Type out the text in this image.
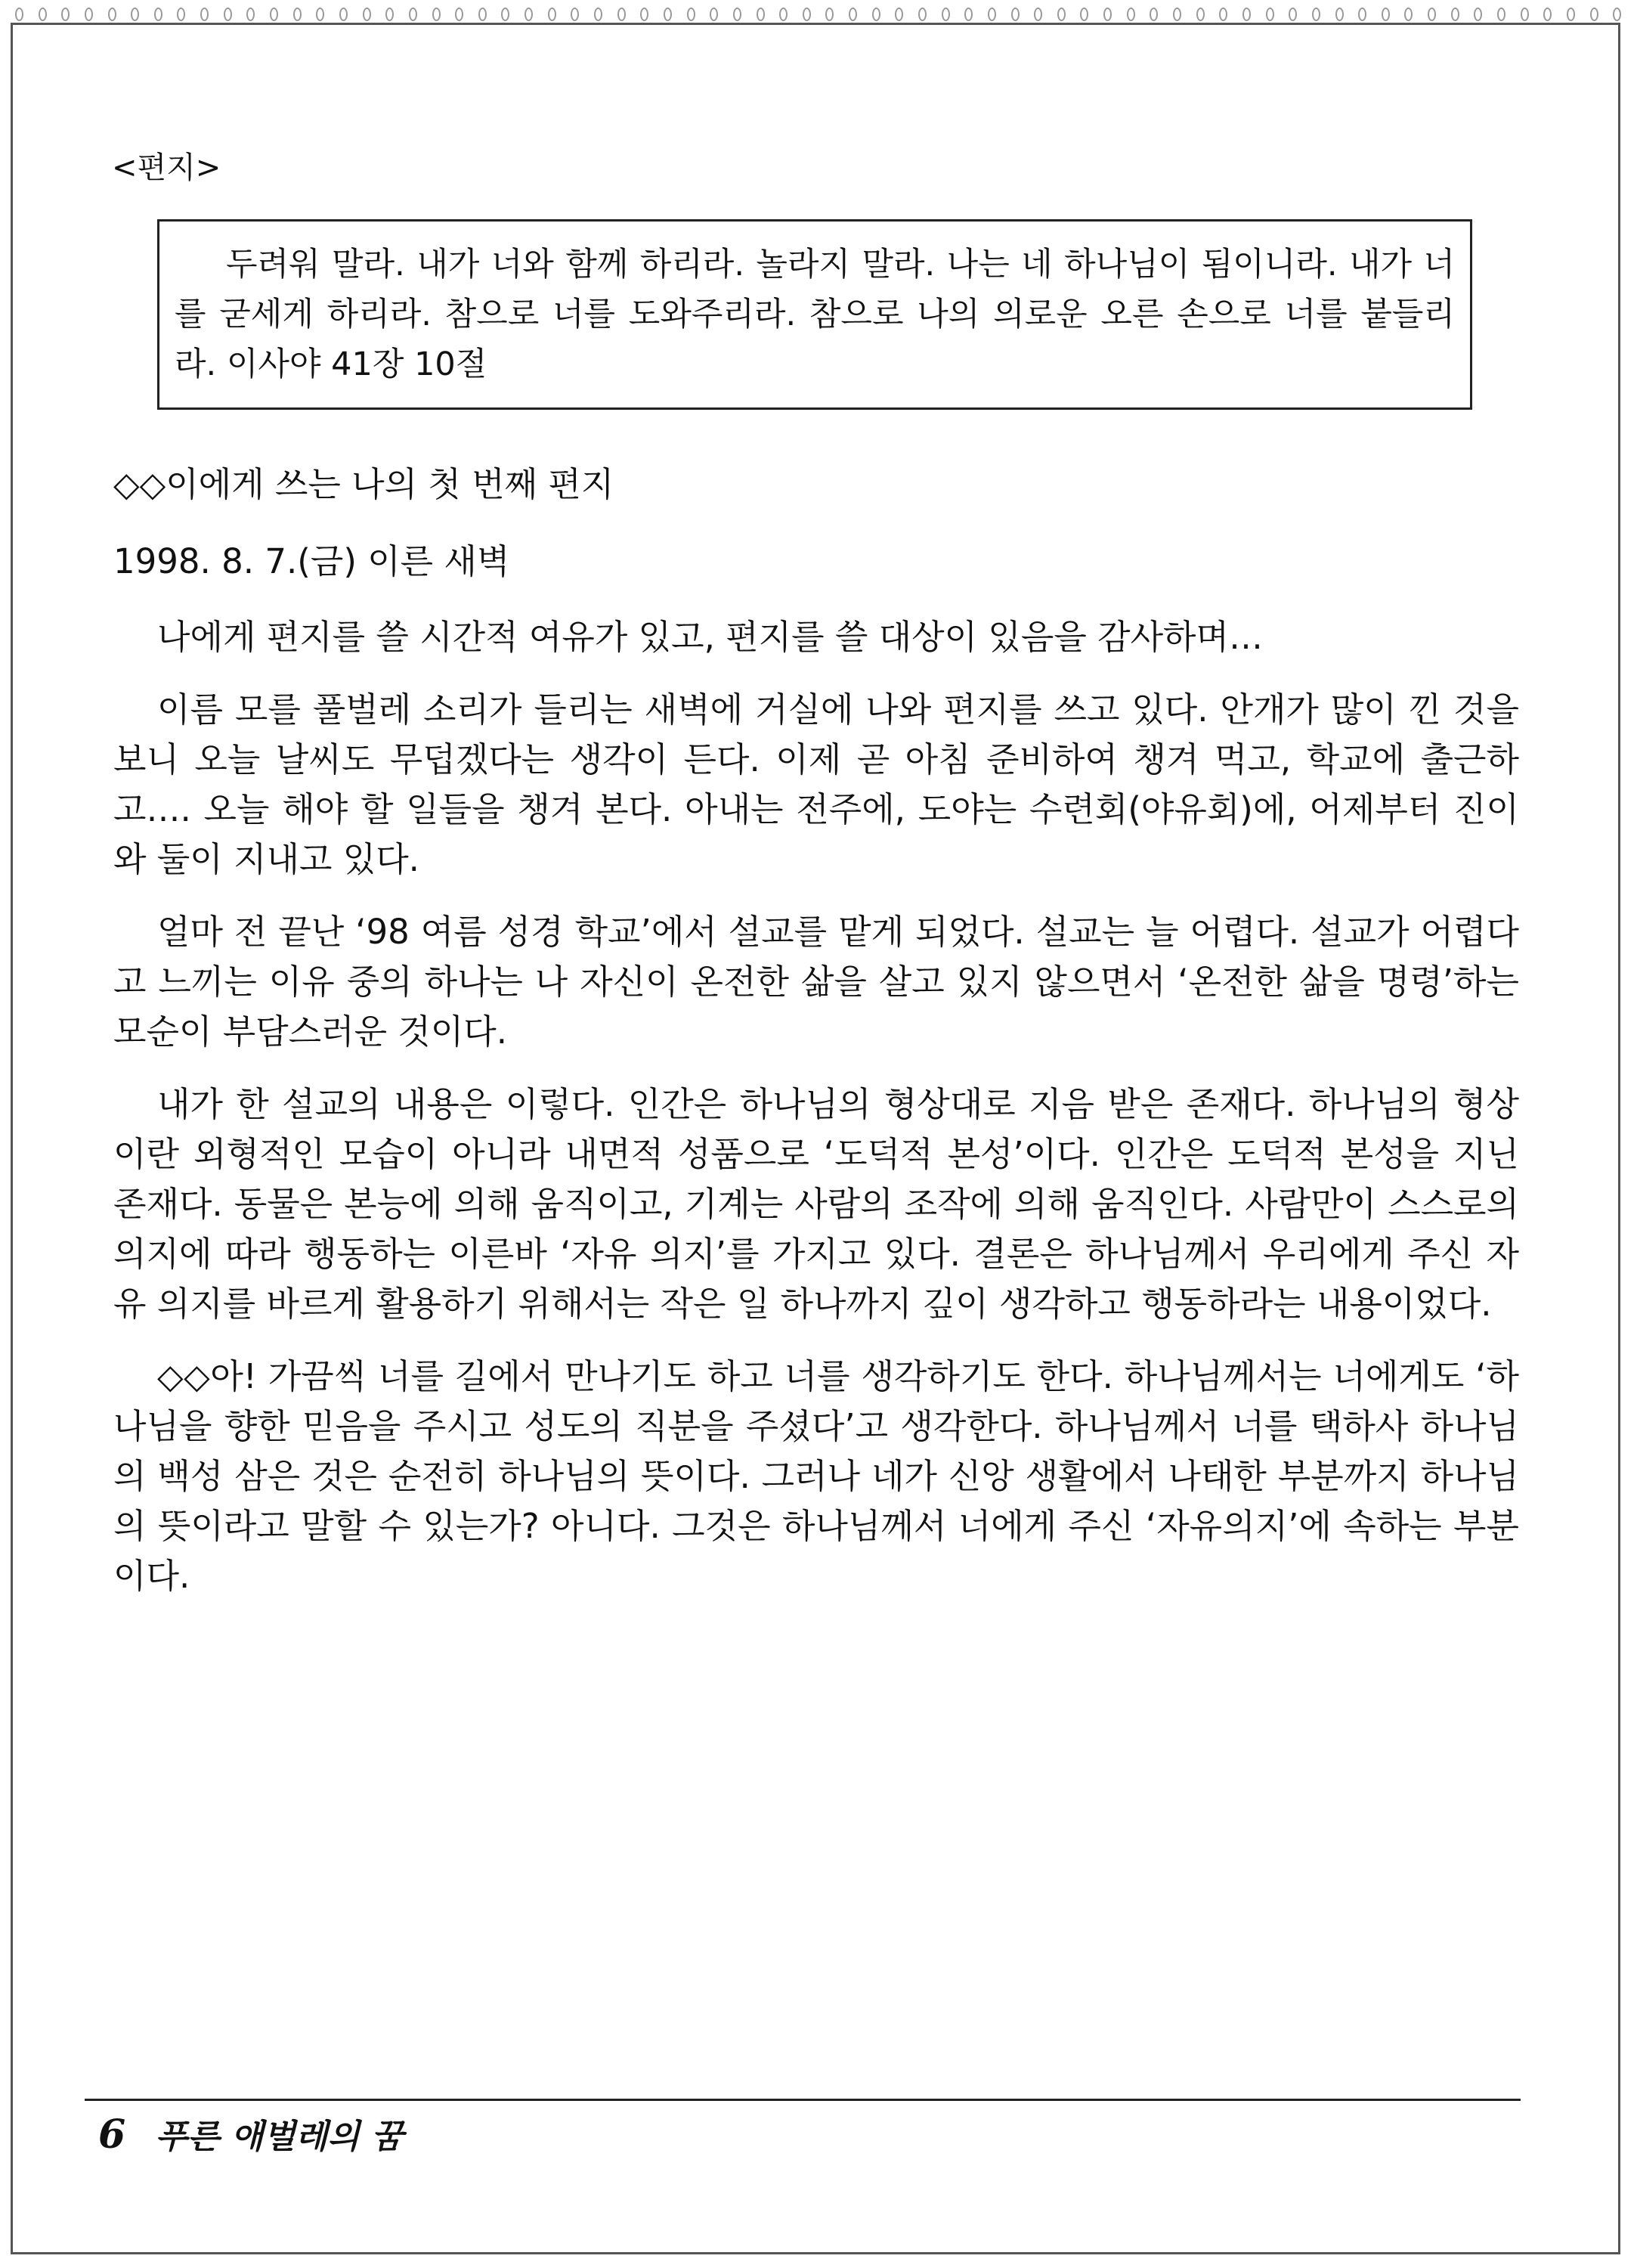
<편지>

두려워 말라. 내가 너와 함께 하리라. 놀라지 말라. 나는 네 하나님이 됨이니라. 내가 너를 굳세게 하리라. 참으로 너를 도와주리라. 참으로 나의 의로운 오른 손으로 너를 붙들리라. 이사야 41장 10절

◇◇이에게 쓰는 나의 첫 번째 편지
1998. 8. 7.(금) 이른 새벽

나에게 편지를 쓸 시간적 여유가 있고, 편지를 쓸 대상이 있음을 감사하며…

이름 모를 풀벌레 소리가 들리는 새벽에 거실에 나와 편지를 쓰고 있다. 안개가 많이 낀 것을 보니 오늘 날씨도 무덥겠다는 생각이 든다. 이제 곧 아침 준비하여 챙겨 먹고, 학교에 출근하고…. 오늘 해야 할 일들을 챙겨 본다. 아내는 전주에, 도야는 수련회(야유회)에, 어제부터 진이와 둘이 지내고 있다.

얼마 전 끝난 ‘98 여름 성경 학교’에서 설교를 맡게 되었다. 설교는 늘 어렵다. 설교가 어렵다고 느끼는 이유 중의 하나는 나 자신이 온전한 삶을 살고 있지 않으면서 ‘온전한 삶을 명령’하는 모순이 부담스러운 것이다.

내가 한 설교의 내용은 이렇다. 인간은 하나님의 형상대로 지음 받은 존재다. 하나님의 형상이란 외형적인 모습이 아니라 내면적 성품으로 ‘도덕적 본성’이다. 인간은 도덕적 본성을 지닌 존재다. 동물은 본능에 의해 움직이고, 기계는 사람의 조작에 의해 움직인다. 사람만이 스스로의 의지에 따라 행동하는 이른바 ‘자유 의지’를 가지고 있다. 결론은 하나님께서 우리에게 주신 자유 의지를 바르게 활용하기 위해서는 작은 일 하나까지 깊이 생각하고 행동하라는 내용이었다.

◇◇아! 가끔씩 너를 길에서 만나기도 하고 너를 생각하기도 한다. 하나님께서는 너에게도 ‘하나님을 향한 믿음을 주시고 성도의 직분을 주셨다’고 생각한다. 하나님께서 너를 택하사 하나님의 백성 삼은 것은 순전히 하나님의 뜻이다. 그러나 네가 신앙 생활에서 나태한 부분까지 하나님의 뜻이라고 말할 수 있는가? 아니다. 그것은 하나님께서 너에게 주신 ‘자유의지’에 속하는 부분이다.

6 푸른 애벌레의 꿈
